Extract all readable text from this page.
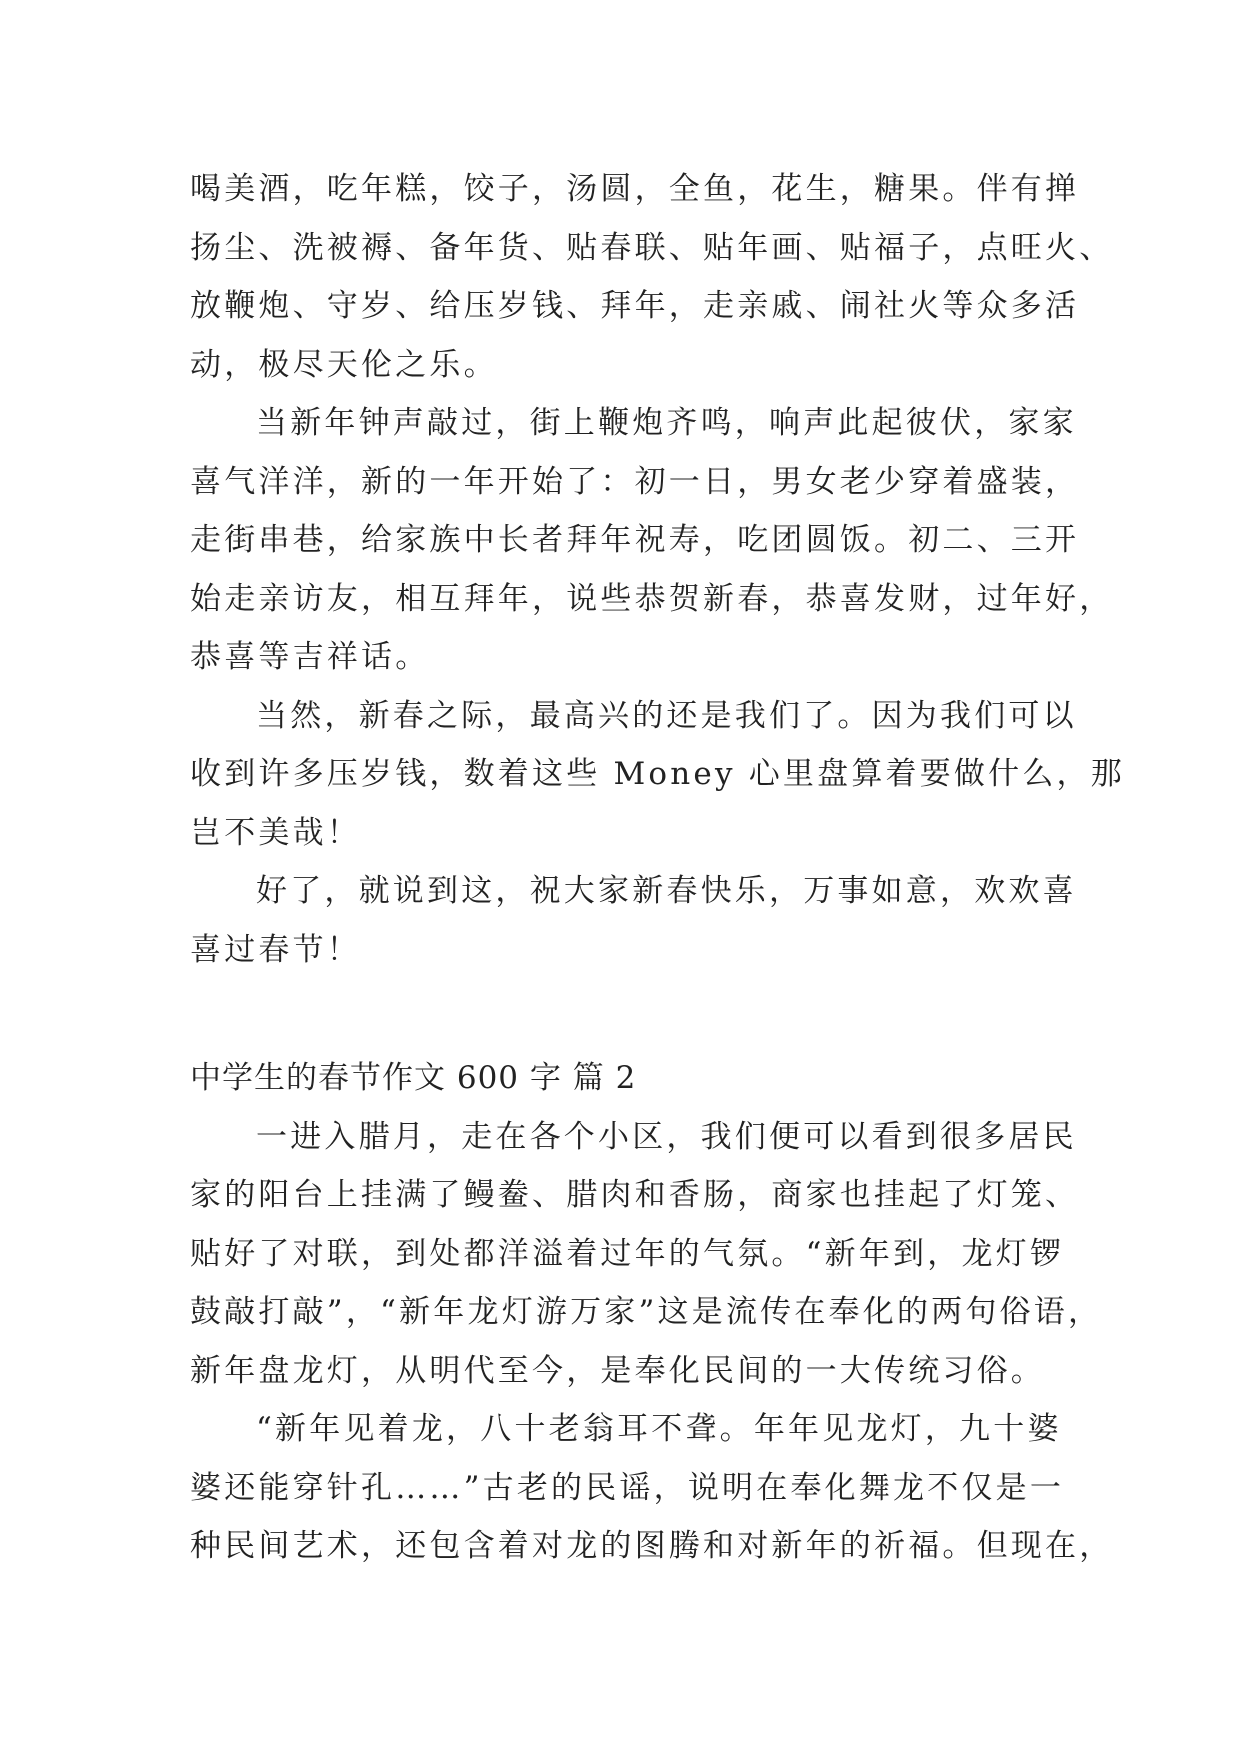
喝美酒，吃年糕，饺子，汤圆，全鱼，花生，糖果。伴有掸
扬尘、洗被褥、备年货、贴春联、贴年画、贴福子，点旺火、
放鞭炮、守岁、给压岁钱、拜年，走亲戚、闹社火等众多活
动，极尽天伦之乐。
当新年钟声敲过，街上鞭炮齐鸣，响声此起彼伏，家家
喜气洋洋，新的一年开始了：初一日，男女老少穿着盛装，
走街串巷，给家族中长者拜年祝寿，吃团圆饭。初二、三开
始走亲访友，相互拜年，说些恭贺新春，恭喜发财，过年好，
恭喜等吉祥话。
当然，新春之际，最高兴的还是我们了。因为我们可以
收到许多压岁钱，数着这些 Money 心里盘算着要做什么，那
岂不美哉！
好了，就说到这，祝大家新春快乐，万事如意，欢欢喜
喜过春节！
中学生的春节作文 600 字 篇 2
一进入腊月，走在各个小区，我们便可以看到很多居民
家的阳台上挂满了鳗鲞、腊肉和香肠，商家也挂起了灯笼、
贴好了对联，到处都洋溢着过年的气氛。“新年到，龙灯锣
鼓敲打敲”，“新年龙灯游万家”这是流传在奉化的两句俗语，
新年盘龙灯，从明代至今，是奉化民间的一大传统习俗。
“新年见着龙，八十老翁耳不聋。年年见龙灯，九十婆
婆还能穿针孔……”古老的民谣，说明在奉化舞龙不仅是一
种民间艺术，还包含着对龙的图腾和对新年的祈福。但现在，
